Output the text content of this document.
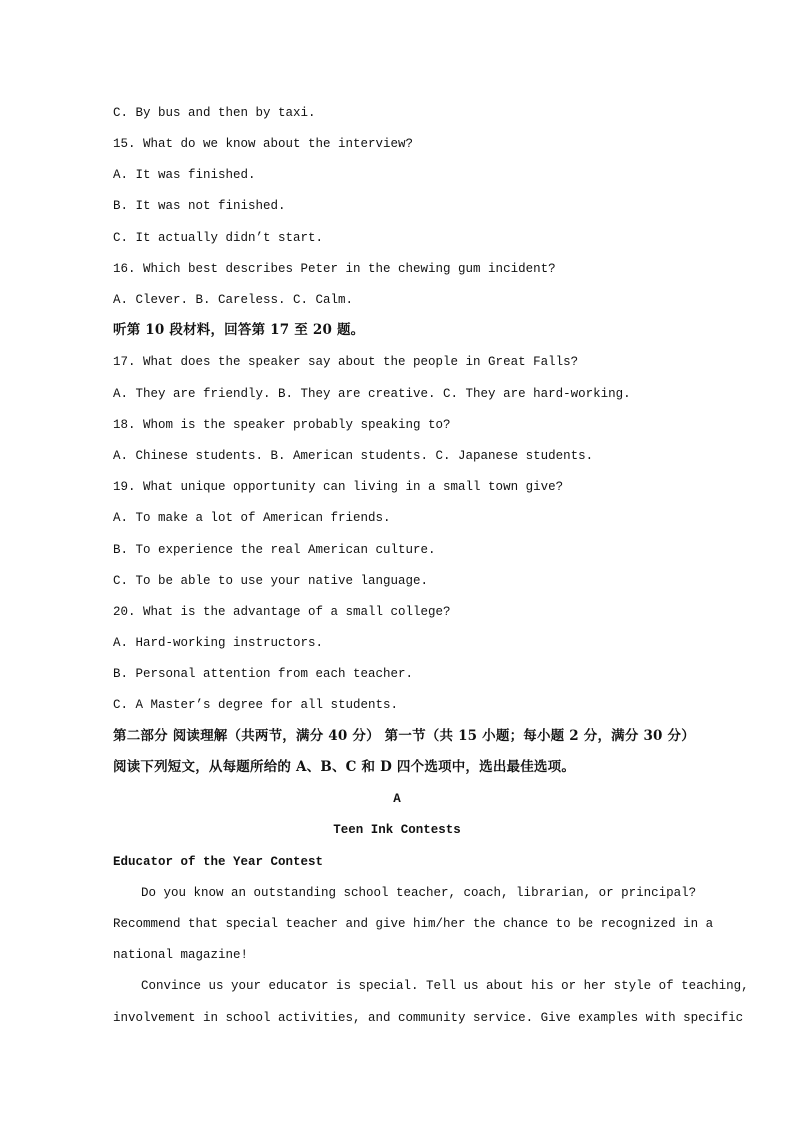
C. By bus and then by taxi.

15. What do we know about the interview?

A. It was finished.

B. It was not finished.

C. It actually didn’t start.

16. Which best describes Peter in the chewing gum incident?

A. Clever. B. Careless. C. Calm.

听第 10 段材料，回答第 17 至 20 题。

17. What does the speaker say about the people in Great Falls?

A. They are friendly. B. They are creative. C. They are hard-working.

18. Whom is the speaker probably speaking to?

A. Chinese students. B. American students. C. Japanese students.

19. What unique opportunity can living in a small town give?

A. To make a lot of American friends.

B. To experience the real American culture.

C. To be able to use your native language.

20. What is the advantage of a small college?

A. Hard-working instructors.

B. Personal attention from each teacher.

C. A Master’s degree for all students.

第二部分 阅读理解（共两节，满分 40 分） 第一节（共 15 小题；每小题 2 分，满分 30 分）

阅读下列短文，从每题所给的 A、B、C 和 D 四个选项中，选出最佳选项。

A

Teen Ink Contests

Educator of the Year Contest

Do you know an outstanding school teacher, coach, librarian, or principal?

Recommend that special teacher and give him/her the chance to be recognized in a

national magazine!

Convince us your educator is special. Tell us about his or her style of teaching,

involvement in school activities, and community service. Give examples with specific
